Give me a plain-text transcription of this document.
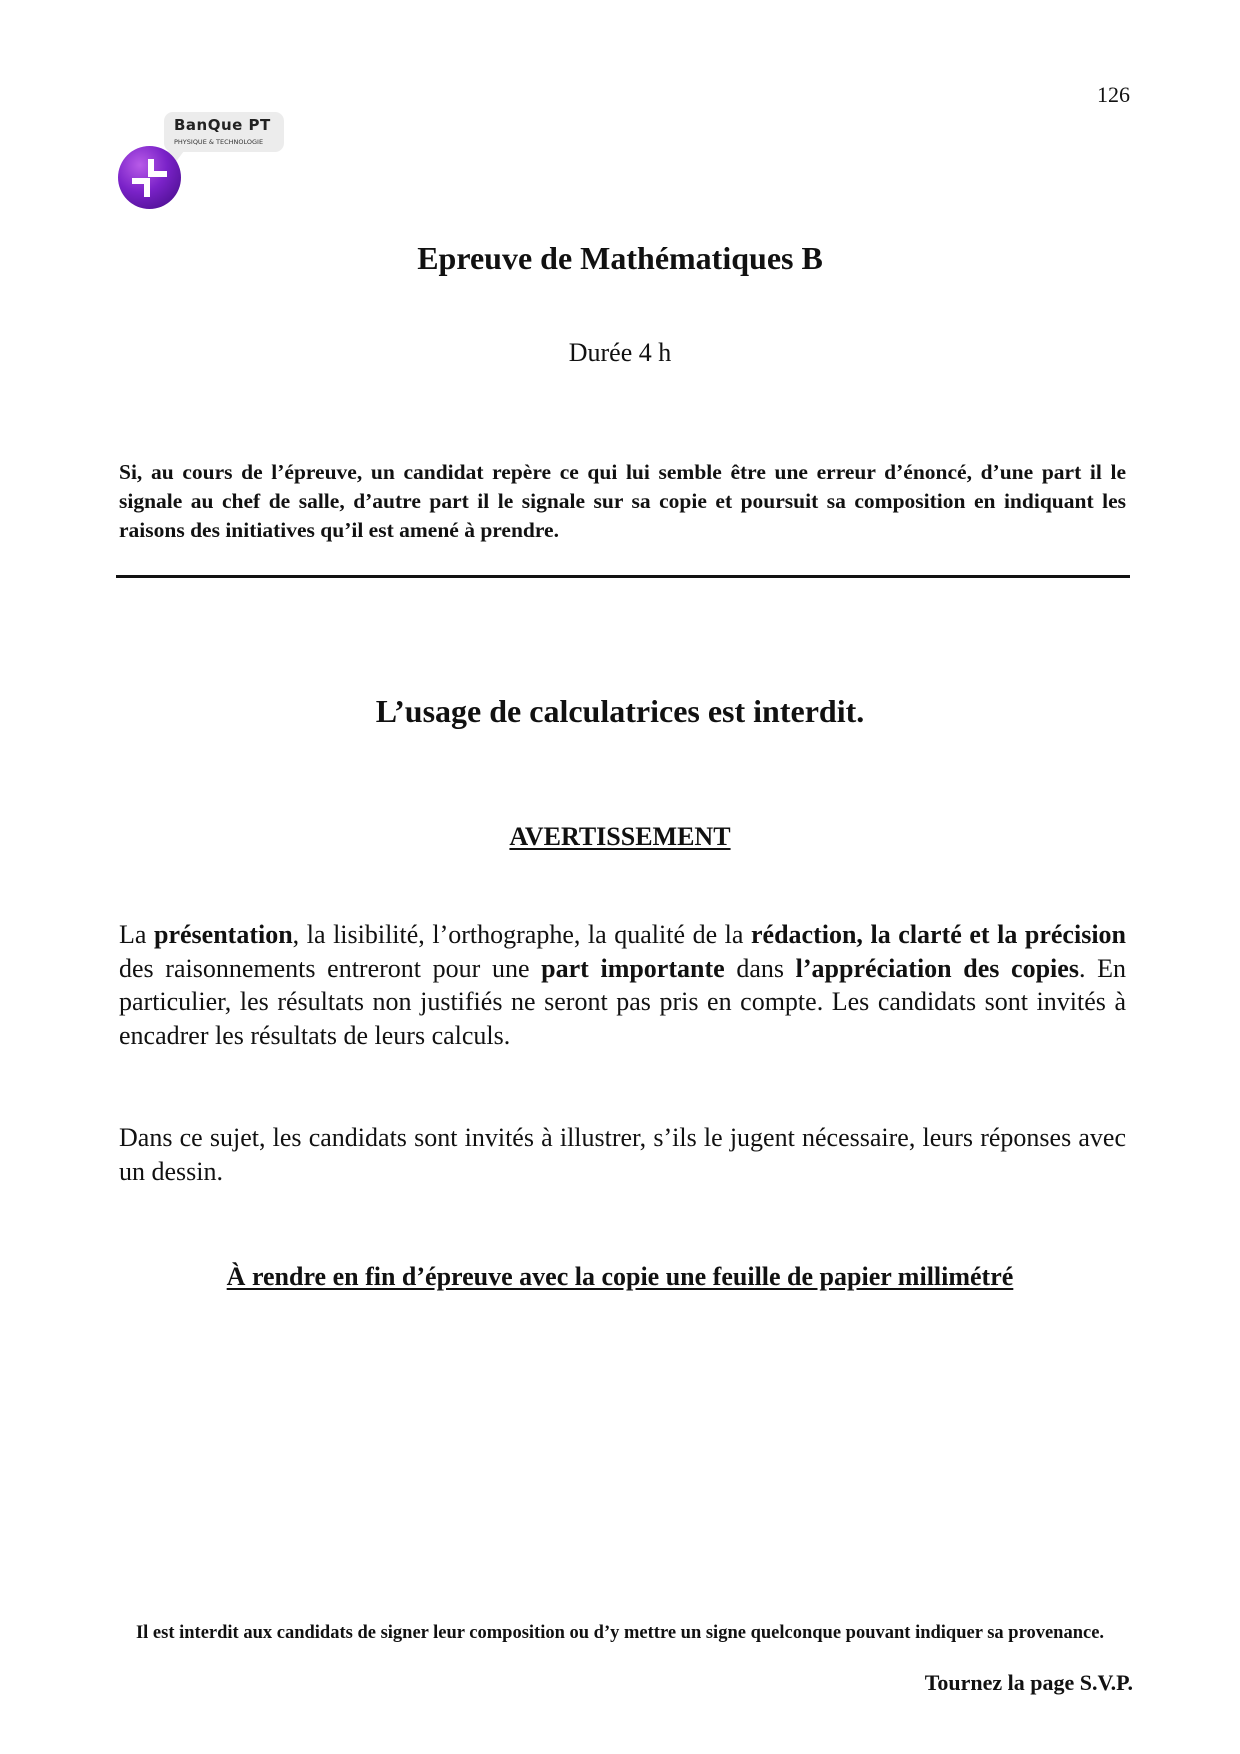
126
BanQue PT
PHYSIQUE & TECHNOLOGIE
Epreuve de Mathématiques B
Durée 4 h
Si, au cours de l’épreuve, un candidat repère ce qui lui semble être une erreur d’énoncé, d’une part il le signale au chef de salle, d’autre part il le signale sur sa copie et poursuit sa composition en indiquant les raisons des initiatives qu’il est amené à prendre.
L’usage de calculatrices est interdit.
AVERTISSEMENT
La présentation, la lisibilité, l’orthographe, la qualité de la rédaction, la clarté et la précision des raisonnements entreront pour une part importante dans l’appréciation des copies. En particulier, les résultats non justifiés ne seront pas pris en compte. Les candidats sont invités à encadrer les résultats de leurs calculs.
Dans ce sujet, les candidats sont invités à illustrer, s’ils le jugent nécessaire, leurs réponses avec un dessin.
À rendre en fin d’épreuve avec la copie une feuille de papier millimétré
Il est interdit aux candidats de signer leur composition ou d’y mettre un signe quelconque pouvant indiquer sa provenance.
Tournez la page S.V.P.
